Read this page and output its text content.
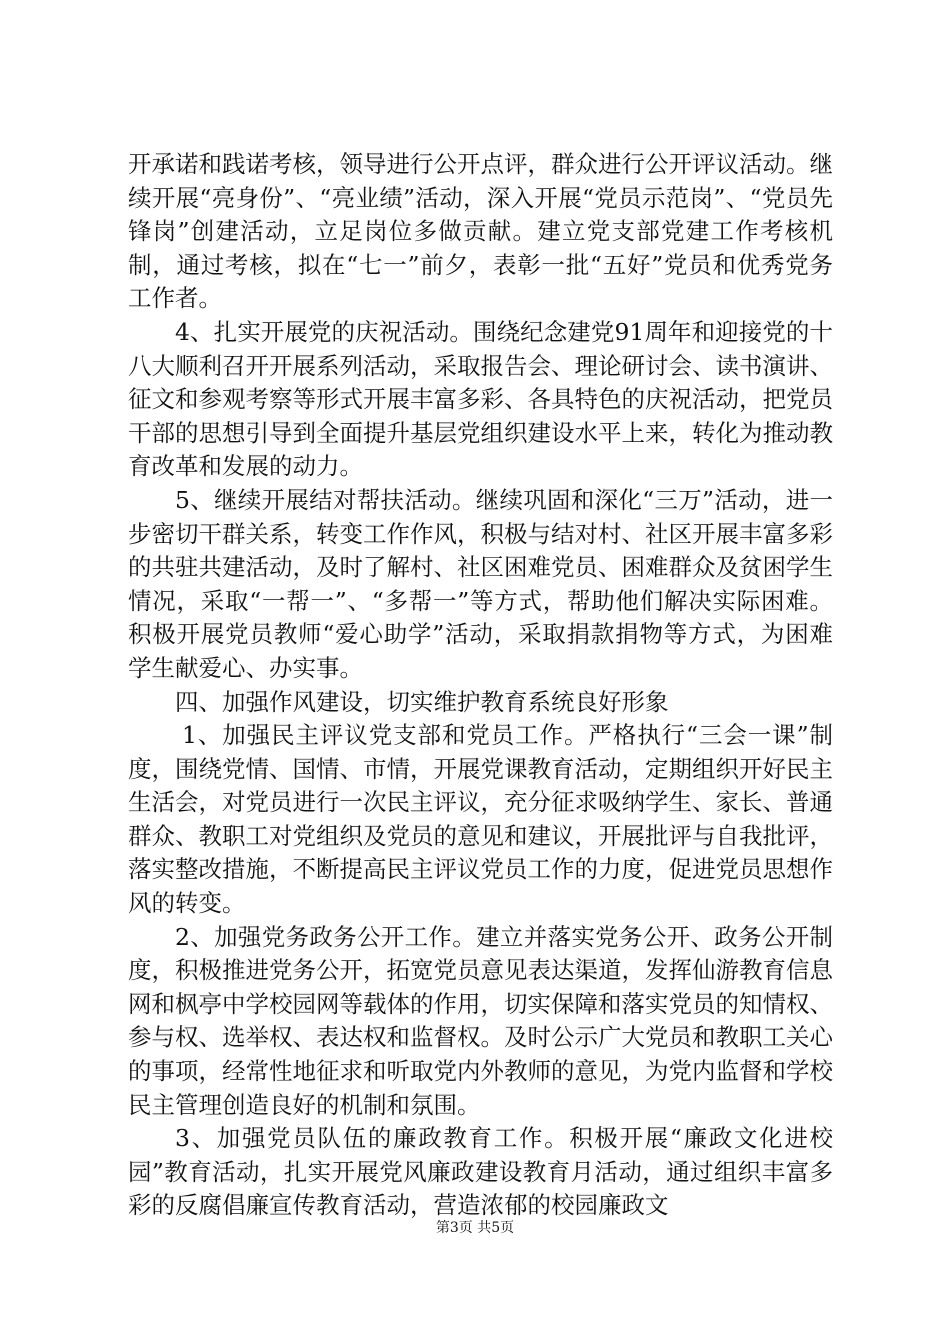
开承诺和践诺考核，领导进行公开点评，群众进行公开评议活动。继续开展“亮身份”、“亮业绩”活动，深入开展“党员示范岗”、“党员先锋岗”创建活动，立足岗位多做贡献。建立党支部党建工作考核机制，通过考核，拟在“七一”前夕，表彰一批“五好”党员和优秀党务工作者。

4、扎实开展党的庆祝活动。围绕纪念建党91周年和迎接党的十八大顺利召开开展系列活动，采取报告会、理论研讨会、读书演讲、征文和参观考察等形式开展丰富多彩、各具特色的庆祝活动，把党员干部的思想引导到全面提升基层党组织建设水平上来，转化为推动教育改革和发展的动力。

5、继续开展结对帮扶活动。继续巩固和深化“三万”活动，进一步密切干群关系，转变工作作风，积极与结对村、社区开展丰富多彩的共驻共建活动，及时了解村、社区困难党员、困难群众及贫困学生情况，采取“一帮一”、“多帮一”等方式，帮助他们解决实际困难。积极开展党员教师“爱心助学”活动，采取捐款捐物等方式，为困难学生献爱心、办实事。

四、加强作风建设，切实维护教育系统良好形象

1、加强民主评议党支部和党员工作。严格执行“三会一课”制度，围绕党情、国情、市情，开展党课教育活动，定期组织开好民主生活会，对党员进行一次民主评议，充分征求吸纳学生、家长、普通群众、教职工对党组织及党员的意见和建议，开展批评与自我批评，落实整改措施，不断提高民主评议党员工作的力度，促进党员思想作风的转变。

2、加强党务政务公开工作。建立并落实党务公开、政务公开制度，积极推进党务公开，拓宽党员意见表达渠道，发挥仙游教育信息网和枫亭中学校园网等载体的作用，切实保障和落实党员的知情权、参与权、选举权、表达权和监督权。及时公示广大党员和教职工关心的事项，经常性地征求和听取党内外教师的意见，为党内监督和学校民主管理创造良好的机制和氛围。

3、加强党员队伍的廉政教育工作。积极开展“廉政文化进校园”教育活动，扎实开展党风廉政建设教育月活动，通过组织丰富多彩的反腐倡廉宣传教育活动，营造浓郁的校园廉政文

第3页 共5页
